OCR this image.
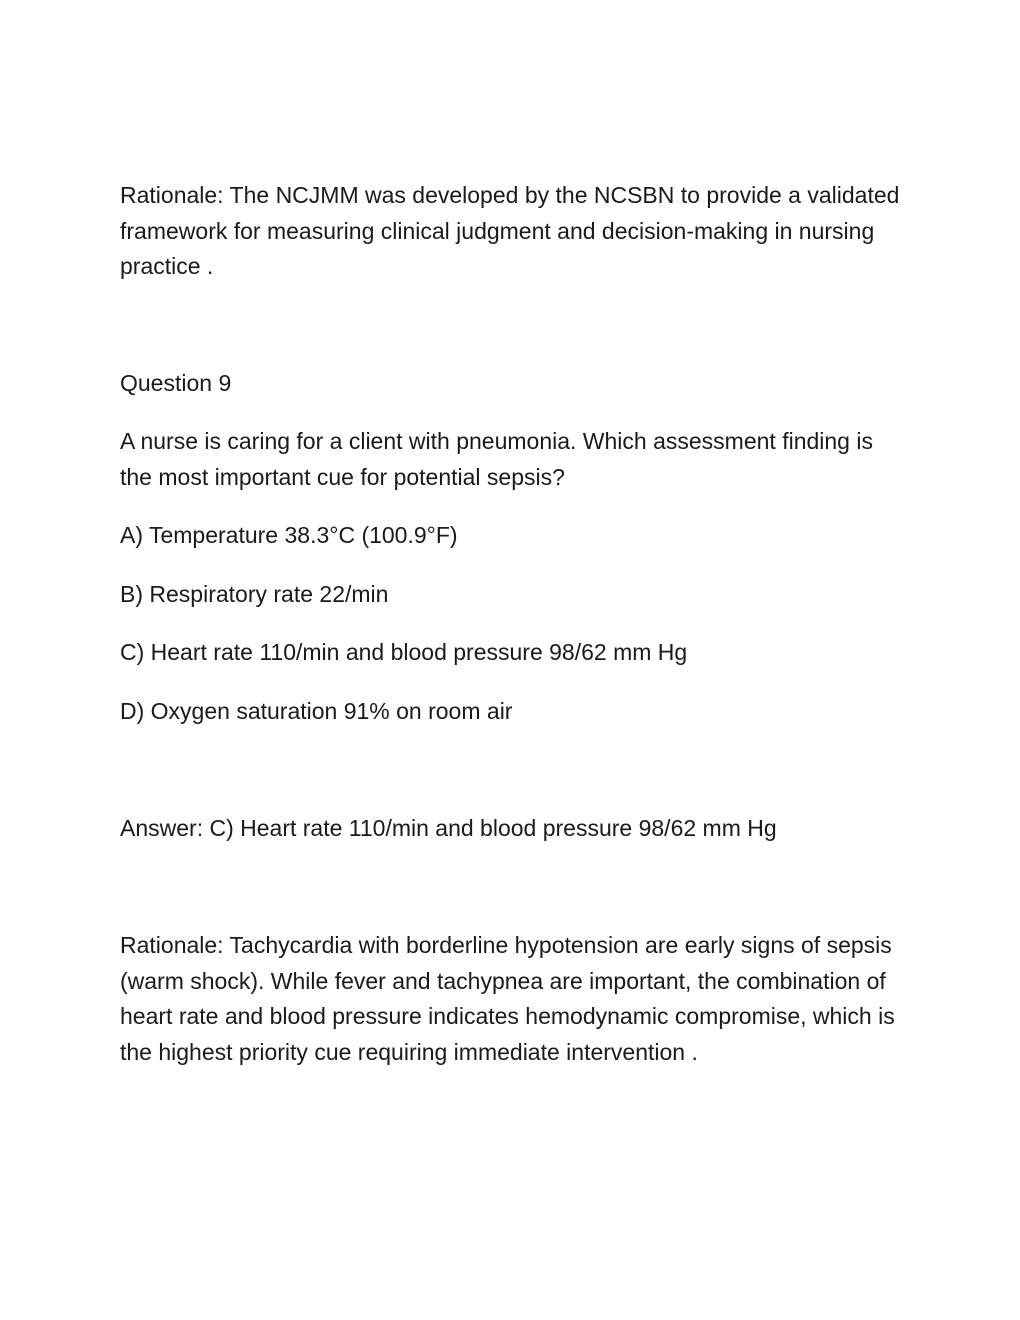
Rationale: The NCJMM was developed by the NCSBN to provide a validated framework for measuring clinical judgment and decision-making in nursing practice .

Question 9

A nurse is caring for a client with pneumonia. Which assessment finding is the most important cue for potential sepsis?

A) Temperature 38.3°C (100.9°F)

B) Respiratory rate 22/min

C) Heart rate 110/min and blood pressure 98/62 mm Hg

D) Oxygen saturation 91% on room air

Answer: C) Heart rate 110/min and blood pressure 98/62 mm Hg

Rationale: Tachycardia with borderline hypotension are early signs of sepsis (warm shock). While fever and tachypnea are important, the combination of heart rate and blood pressure indicates hemodynamic compromise, which is the highest priority cue requiring immediate intervention .
